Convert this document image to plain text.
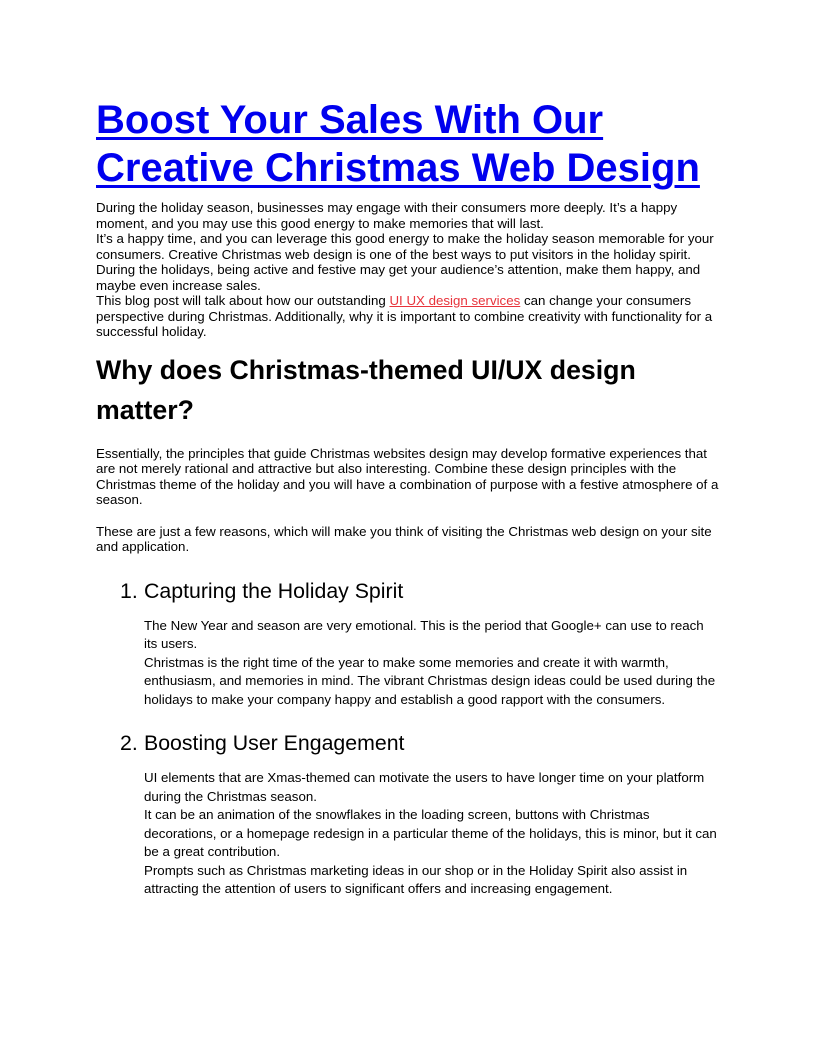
Boost Your Sales With Our Creative Christmas Web Design

During the holiday season, businesses may engage with their consumers more deeply. It’s a happy moment, and you may use this good energy to make memories that will last.

It’s a happy time, and you can leverage this good energy to make the holiday season memorable for your consumers. Creative Christmas web design is one of the best ways to put visitors in the holiday spirit.

During the holidays, being active and festive may get your audience’s attention, make them happy, and maybe even increase sales.

This blog post will talk about how our outstanding UI UX design services can change your consumers perspective during Christmas. Additionally, why it is important to combine creativity with functionality for a successful holiday.

Why does Christmas-themed UI/UX design matter?

Essentially, the principles that guide Christmas websites design may develop formative experiences that are not merely rational and attractive but also interesting. Combine these design principles with the Christmas theme of the holiday and you will have a combination of purpose with a festive atmosphere of a season.

These are just a few reasons, which will make you think of visiting the Christmas web design on your site and application.

1. Capturing the Holiday Spirit

The New Year and season are very emotional. This is the period that Google+ can use to reach its users.

Christmas is the right time of the year to make some memories and create it with warmth, enthusiasm, and memories in mind. The vibrant Christmas design ideas could be used during the holidays to make your company happy and establish a good rapport with the consumers.

2. Boosting User Engagement

UI elements that are Xmas-themed can motivate the users to have longer time on your platform during the Christmas season.

It can be an animation of the snowflakes in the loading screen, buttons with Christmas decorations, or a homepage redesign in a particular theme of the holidays, this is minor, but it can be a great contribution.

Prompts such as Christmas marketing ideas in our shop or in the Holiday Spirit also assist in attracting the attention of users to significant offers and increasing engagement.
